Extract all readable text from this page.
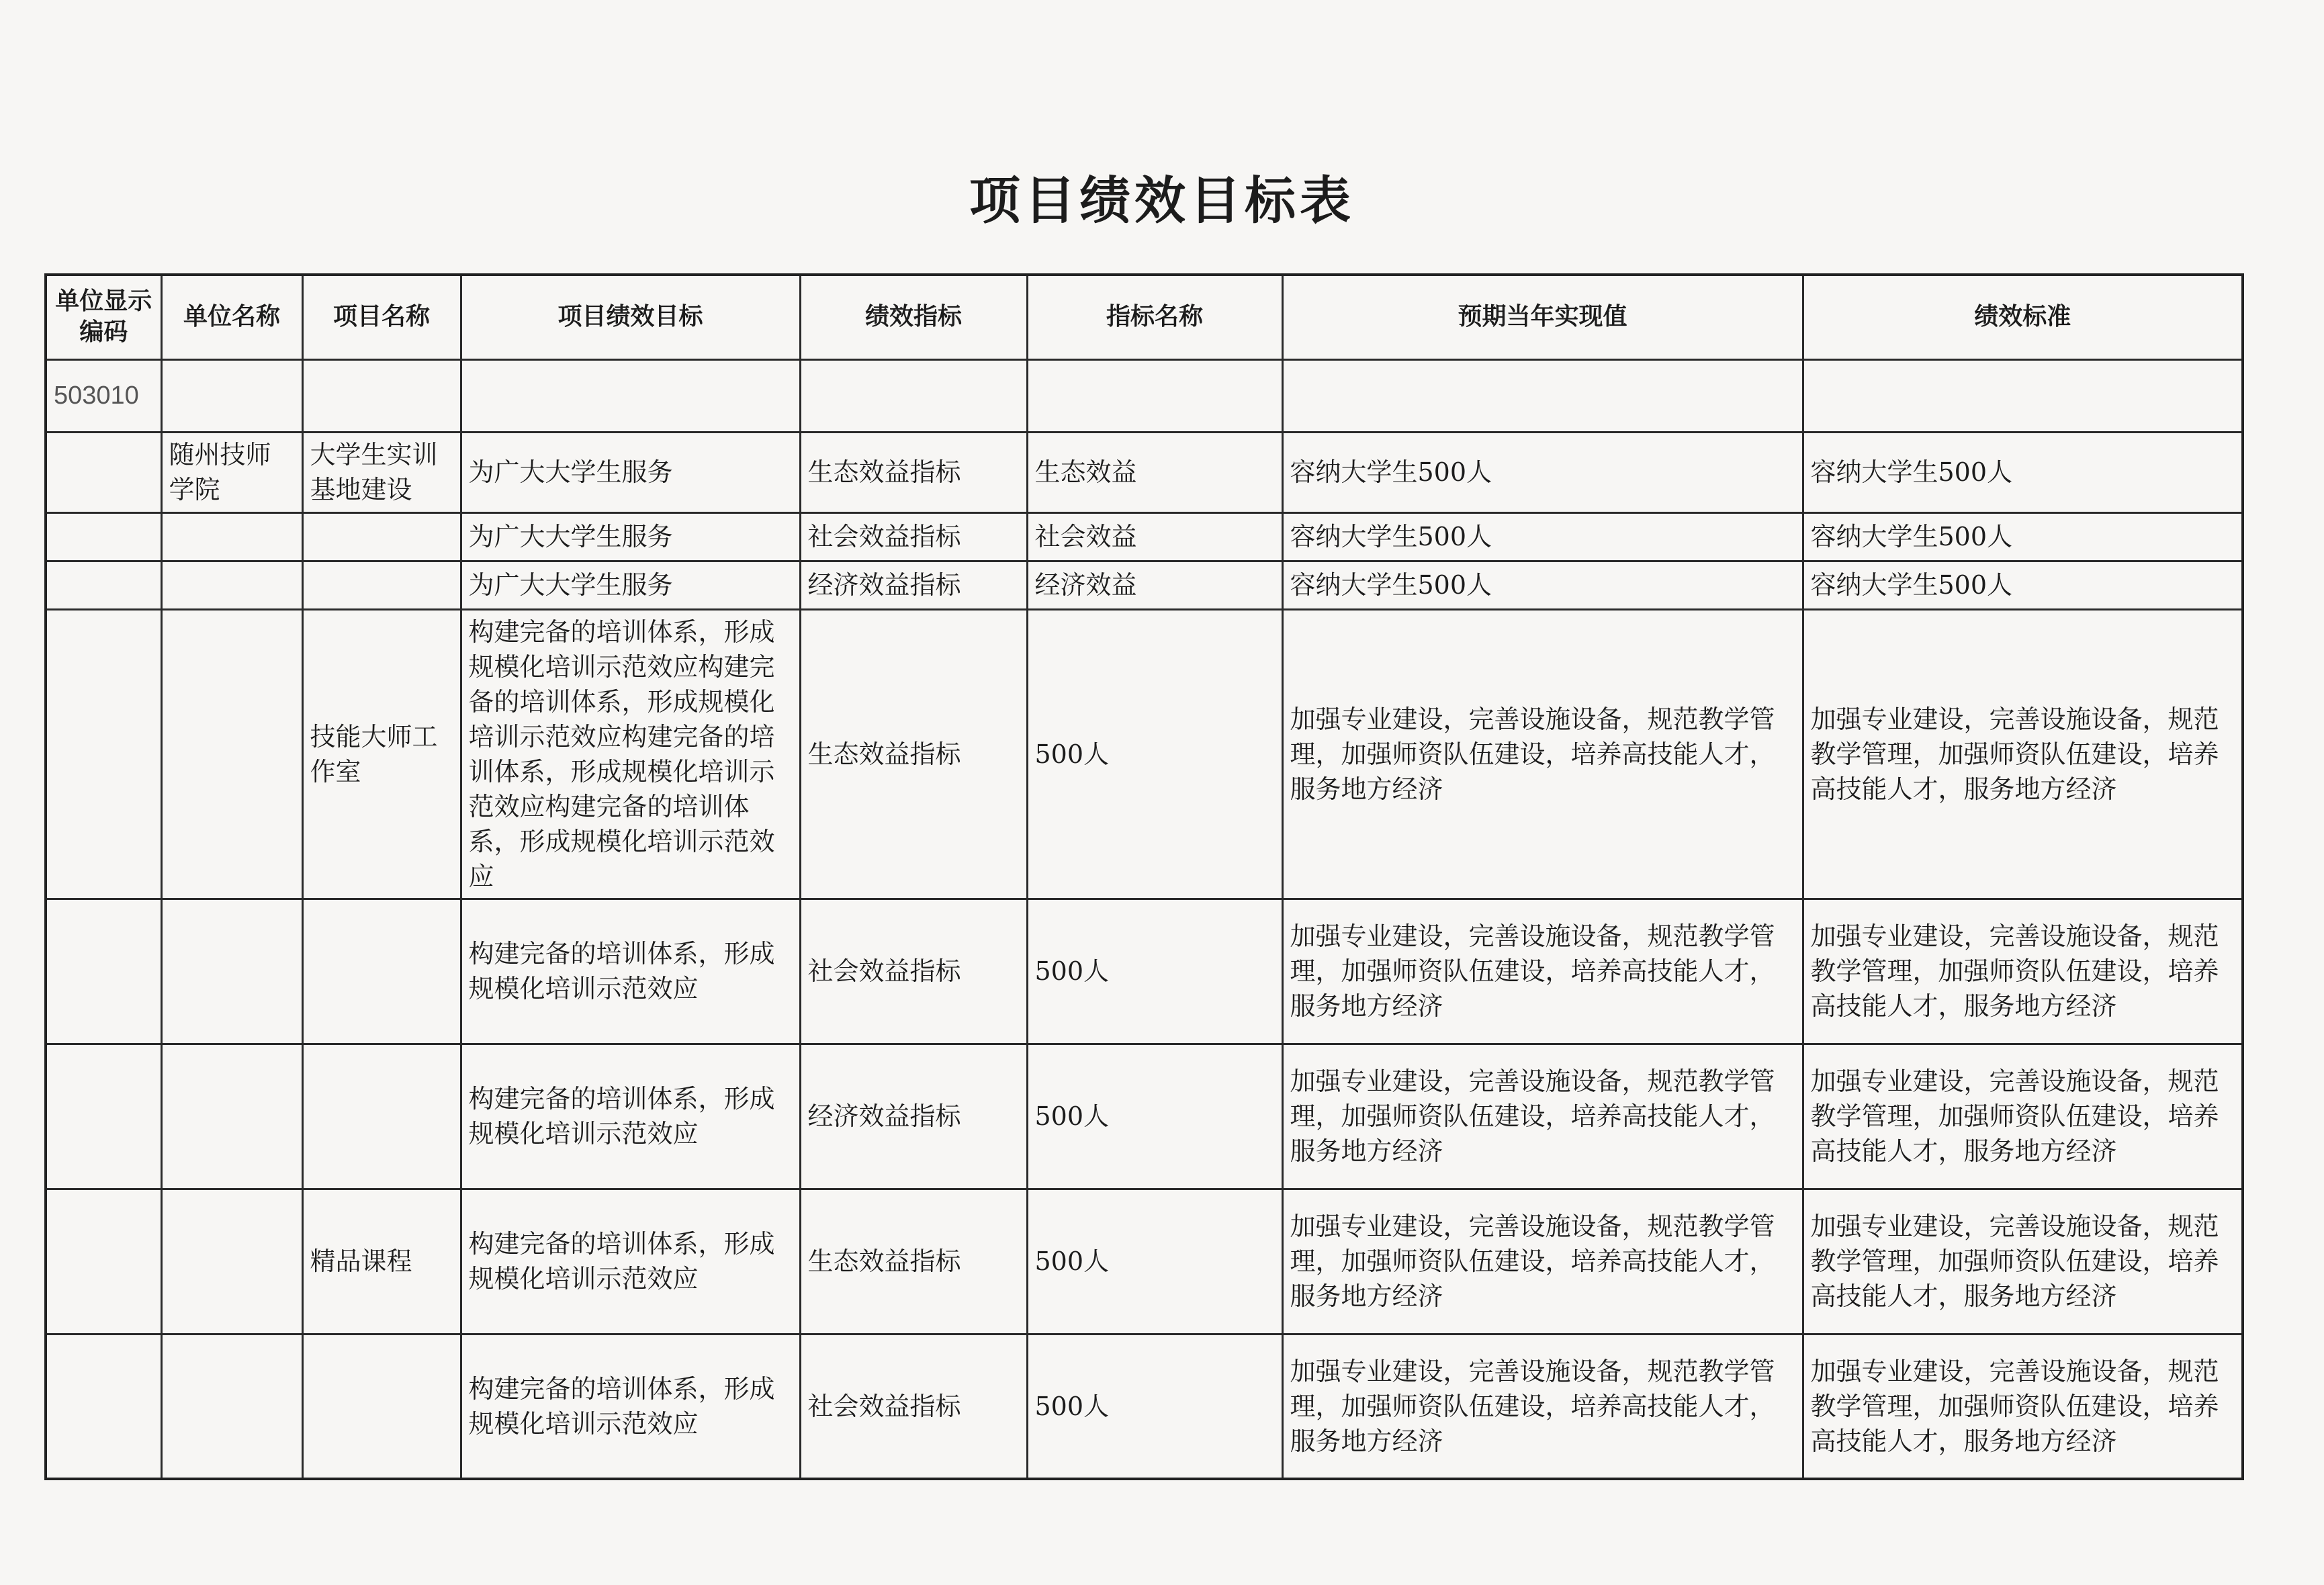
项目绩效目标表
单位显示编码	单位名称	项目名称	项目绩效目标	绩效指标	指标名称	预期当年实现值	绩效标准
503010							
	随州技师学院	大学生实训基地建设	为广大大学生服务	生态效益指标	生态效益	容纳大学生500人	容纳大学生500人
			为广大大学生服务	社会效益指标	社会效益	容纳大学生500人	容纳大学生500人
			为广大大学生服务	经济效益指标	经济效益	容纳大学生500人	容纳大学生500人
		技能大师工作室	构建完备的培训体系，形成规模化培训示范效应构建完备的培训体系，形成规模化培训示范效应构建完备的培训体系，形成规模化培训示范效应构建完备的培训体系，形成规模化培训示范效应	生态效益指标	500人	加强专业建设，完善设施设备，规范教学管理，加强师资队伍建设，培养高技能人才，服务地方经济	加强专业建设，完善设施设备，规范教学管理，加强师资队伍建设，培养高技能人才，服务地方经济
			构建完备的培训体系，形成规模化培训示范效应	社会效益指标	500人	加强专业建设，完善设施设备，规范教学管理，加强师资队伍建设，培养高技能人才，服务地方经济	加强专业建设，完善设施设备，规范教学管理，加强师资队伍建设，培养高技能人才，服务地方经济
			构建完备的培训体系，形成规模化培训示范效应	经济效益指标	500人	加强专业建设，完善设施设备，规范教学管理，加强师资队伍建设，培养高技能人才，服务地方经济	加强专业建设，完善设施设备，规范教学管理，加强师资队伍建设，培养高技能人才，服务地方经济
		精品课程	构建完备的培训体系，形成规模化培训示范效应	生态效益指标	500人	加强专业建设，完善设施设备，规范教学管理，加强师资队伍建设，培养高技能人才，服务地方经济	加强专业建设，完善设施设备，规范教学管理，加强师资队伍建设，培养高技能人才，服务地方经济
			构建完备的培训体系，形成规模化培训示范效应	社会效益指标	500人	加强专业建设，完善设施设备，规范教学管理，加强师资队伍建设，培养高技能人才，服务地方经济	加强专业建设，完善设施设备，规范教学管理，加强师资队伍建设，培养高技能人才，服务地方经济
